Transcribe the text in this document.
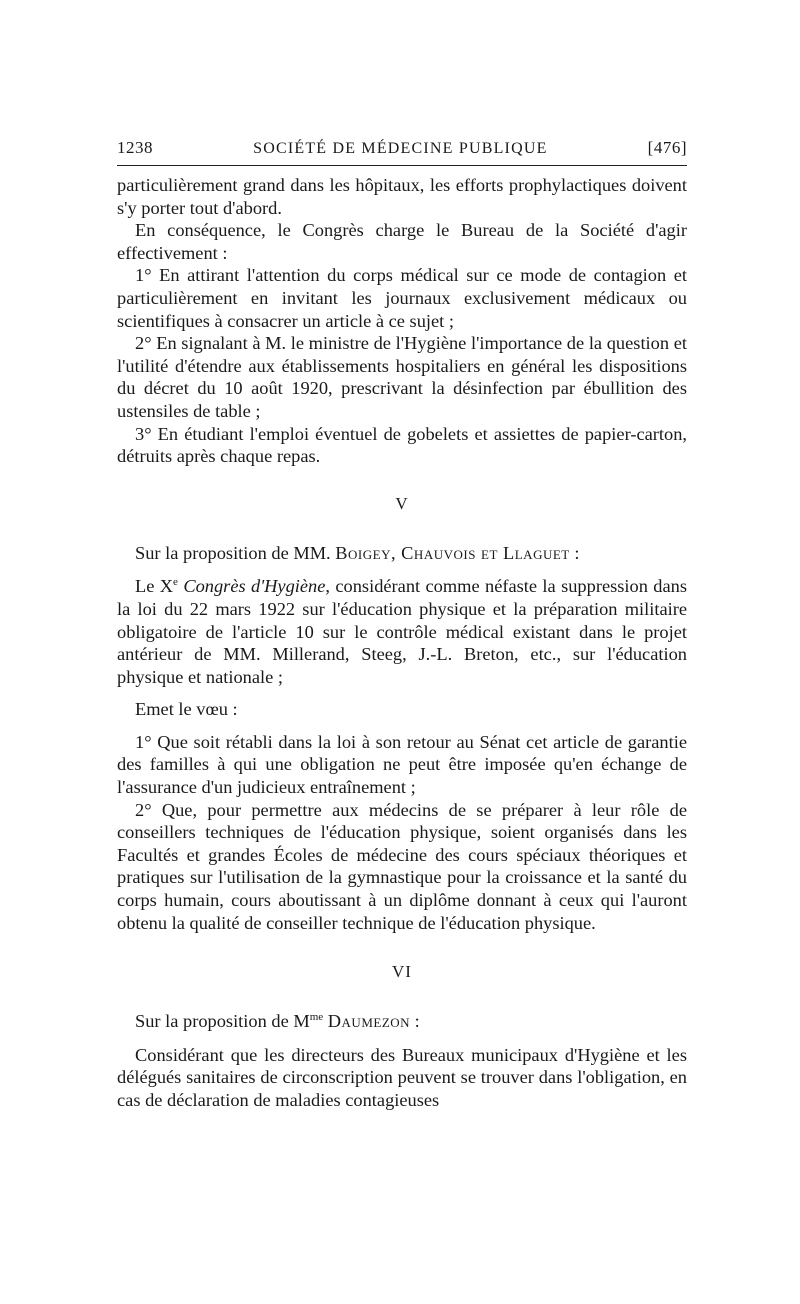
1238	SOCIÉTÉ DE MÉDECINE PUBLIQUE	[476]

particulièrement grand dans les hôpitaux, les efforts prophylactiques doivent s'y porter tout d'abord.

En conséquence, le Congrès charge le Bureau de la Société d'agir effectivement :

1° En attirant l'attention du corps médical sur ce mode de contagion et particulièrement en invitant les journaux exclusivement médicaux ou scientifiques à consacrer un article à ce sujet ;

2° En signalant à M. le ministre de l'Hygiène l'importance de la question et l'utilité d'étendre aux établissements hospitaliers en général les dispositions du décret du 10 août 1920, prescrivant la désinfection par ébullition des ustensiles de table ;

3° En étudiant l'emploi éventuel de gobelets et assiettes de papier-carton, détruits après chaque repas.

V

Sur la proposition de MM. Boigey, Chauvois et Llaguet :

Le Xe Congrès d'Hygiène, considérant comme néfaste la suppression dans la loi du 22 mars 1922 sur l'éducation physique et la préparation militaire obligatoire de l'article 10 sur le contrôle médical existant dans le projet antérieur de MM. Millerand, Steeg, J.-L. Breton, etc., sur l'éducation physique et nationale ;

Emet le vœu :

1° Que soit rétabli dans la loi à son retour au Sénat cet article de garantie des familles à qui une obligation ne peut être imposée qu'en échange de l'assurance d'un judicieux entraînement ;

2° Que, pour permettre aux médecins de se préparer à leur rôle de conseillers techniques de l'éducation physique, soient organisés dans les Facultés et grandes Écoles de médecine des cours spéciaux théoriques et pratiques sur l'utilisation de la gymnastique pour la croissance et la santé du corps humain, cours aboutissant à un diplôme donnant à ceux qui l'auront obtenu la qualité de conseiller technique de l'éducation physique.

VI

Sur la proposition de $M^{me}$ Daumezon :

Considérant que les directeurs des Bureaux municipaux d'Hygiène et les délégués sanitaires de circonscription peuvent se trouver dans l'obligation, en cas de déclaration de maladies contagieuses
